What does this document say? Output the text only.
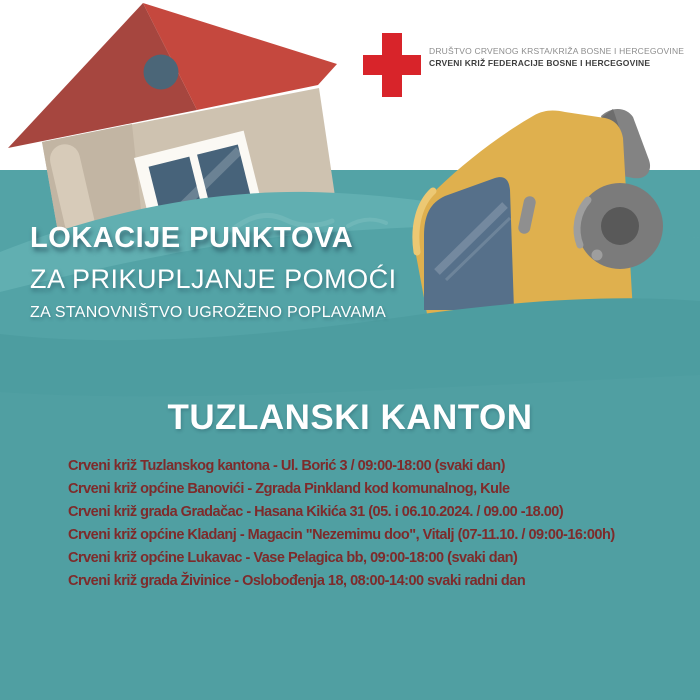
DRUŠTVO CRVENOG KRSTA/KRIŽA BOSNE I HERCEGOVINE
CRVENI KRIŽ FEDERACIJE BOSNE I HERCEGOVINE
LOKACIJE PUNKTOVA
ZA PRIKUPLJANJE POMOĆI
ZA STANOVNIŠTVO UGROŽENO POPLAVAMA
TUZLANSKI KANTON
Crveni križ Tuzlanskog kantona - Ul. Borić 3 / 09:00-18:00 (svaki dan)
Crveni križ općine Banovići - Zgrada Pinkland kod komunalnog, Kule
Crveni križ grada Gradačac - Hasana Kikića 31 (05. i 06.10.2024. / 09.00 -18.00)
Crveni križ općine Kladanj - Magacin "Nezemimu doo", Vitalj (07-11.10. / 09:00-16:00h)
Crveni križ općine Lukavac - Vase Pelagica bb, 09:00-18:00 (svaki dan)
Crveni križ grada Živinice - Oslobođenja 18, 08:00-14:00 svaki radni dan
